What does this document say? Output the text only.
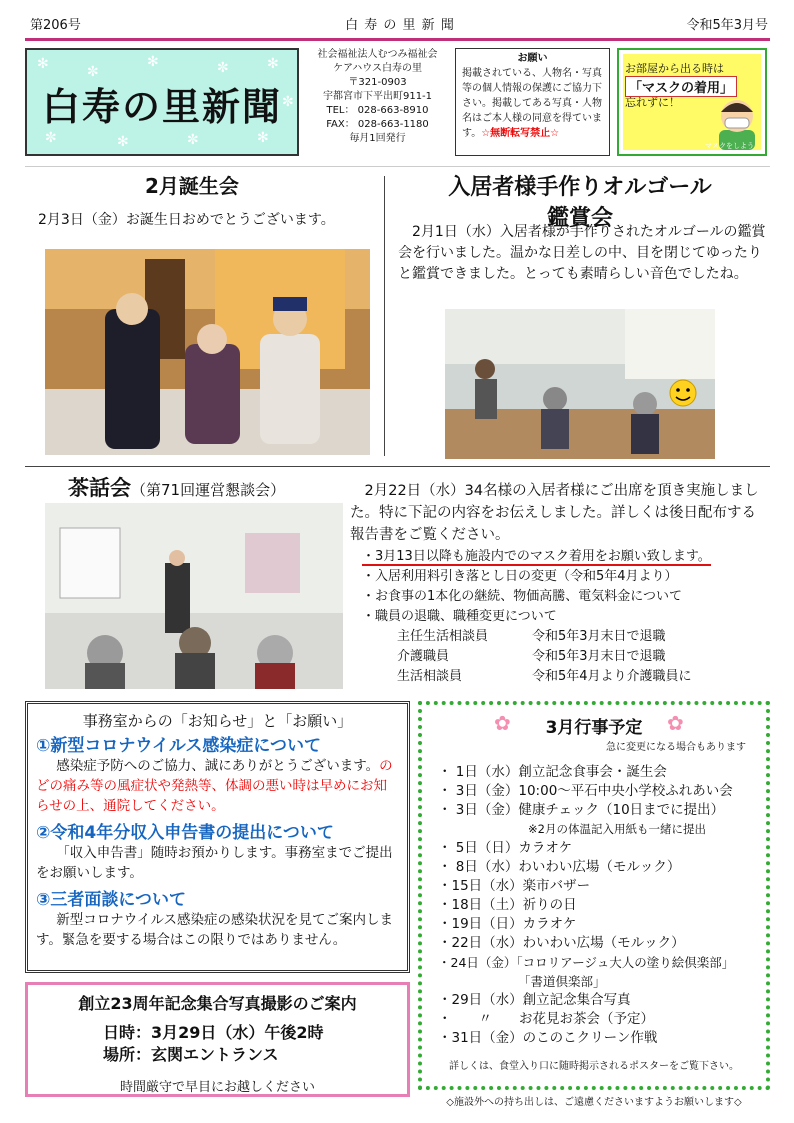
第206号	白 寿 の 里 新 聞	令和5年3月号
✻	✼
✻	✼	✻
✼	✻	✼	✻
✼
白寿の里新聞
社会福祉法人むつみ福祉会
ケアハウス白寿の里
〒321‐0903
宇都宮市下平出町911‐1
TEL： 028‐663‐8910
FAX： 028‐663‐1180
毎月1回発行
お願い
掲載されている、人物名・写真等の個人情報の保護にご協力下さい。掲載してある写真・人物名はご本人様の同意を得ています。☆無断転写禁止☆
お部屋から出る時は
「マスクの着用」
忘れずに！
マスクをしよう
2月誕生会
2月3日（金）お誕生日おめでとうございます。
入居者様手作りオルゴール
鑑賞会
2月1日（水）入居者様が手作りされたオルゴールの鑑賞会を行いました。温かな日差しの中、目を閉じてゆったりと鑑賞できました。とっても素晴らしい音色でしたね。
茶話会（第71回運営懇談会）	2月22日（水）34名様の入居者様にご出席を頂き実施しました。特に下記の内容をお伝えしました。詳しくは後日配布する報告書をご覧ください。
・3月13日以降も施設内でのマスク着用をお願い致します。
・入居利用料引き落とし日の変更（令和5年4月より）
・お食事の1本化の継続、物価高騰、電気料金について
・職員の退職、職種変更について
主任生活相談員	令和5年3月末日で退職
介護職員	令和5年3月末日で退職
生活相談員	令和5年4月より介護職員に
事務室からの「お知らせ」と「お願い」
①新型コロナウイルス感染症について
感染症予防へのご協力、誠にありがとうございます。のどの痛み等の風症状や発熱等、体調の悪い時は早めにお知らせの上、通院してください。
②令和4年分収入申告書の提出について
「収入申告書」随時お預かりします。事務室までご提出をお願いします。
③三者面談について
新型コロナウイルス感染症の感染状況を見てご案内します。緊急を要する場合はこの限りではありません。
創立23周年記念集合写真撮影のご案内
日時：3月29日（水）午後2時
場所：玄関エントランス
時間厳守で早目にお越しください
✿	✿
3月行事予定
急に変更になる場合もあります
・ 1日（水）創立記念食事会・誕生会
・ 3日（金）10:00～平石中央小学校ふれあい会
・ 3日（金）健康チェック（10日までに提出）
※2月の体温記入用紙も一緒に提出
・ 5日（日）カラオケ
・ 8日（水）わいわい広場（モルック）
・15日（水）楽市バザー
・18日（土）祈りの日
・19日（日）カラオケ
・22日（水）わいわい広場（モルック）
・24日（金）「コロリアージュ大人の塗り絵倶楽部」
「書道倶楽部」
・29日（水）創立記念集合写真
・　　〃　　お花見お茶会（予定）
・31日（金）のこのこクリーン作戦
詳しくは、食堂入り口に随時掲示されるポスターをご覧下さい。
◇施設外への持ち出しは、ご遠慮くださいますようお願いします◇
